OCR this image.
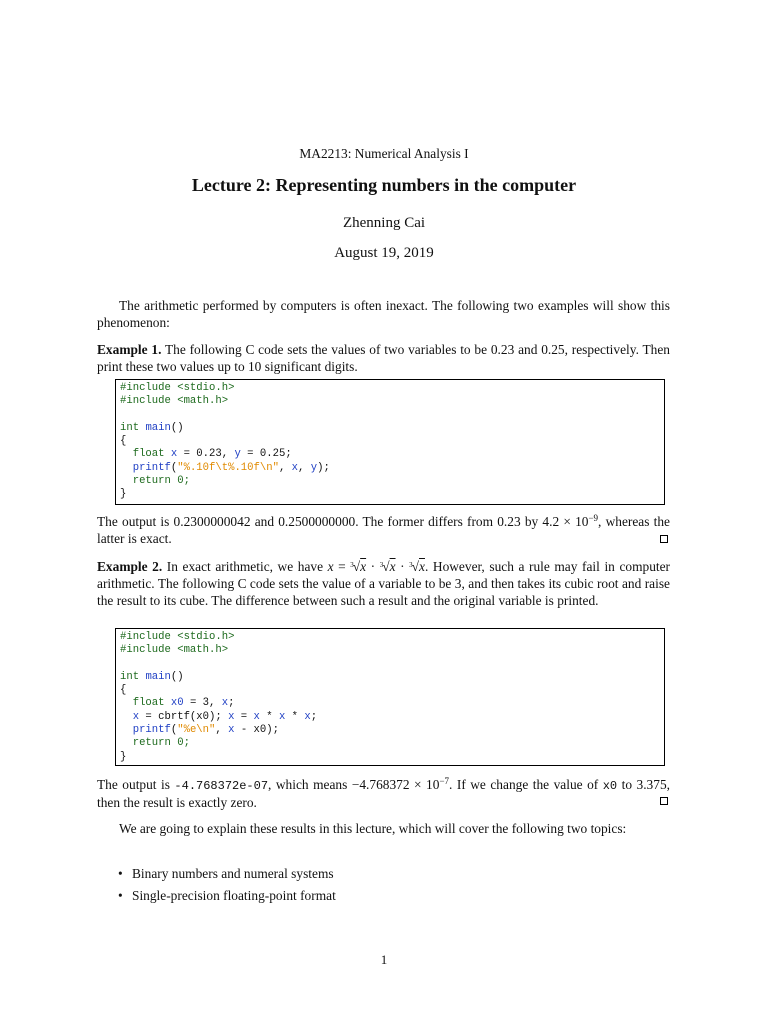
MA2213: Numerical Analysis I
Lecture 2: Representing numbers in the computer
Zhenning Cai
August 19, 2019
The arithmetic performed by computers is often inexact. The following two examples will show this phenomenon:
Example 1. The following C code sets the values of two variables to be 0.23 and 0.25, respectively. Then print these two values up to 10 significant digits.
#include <stdio.h>
#include <math.h>
int main()
{
float x = 0.23, y = 0.25;
printf("%.10f\t%.10f\n", x, y);
return 0;
}
The output is 0.2300000042 and 0.2500000000. The former differs from 0.23 by $4.2 \times 10^{-9}$, whereas the latter is exact.
Example 2. In exact arithmetic, we have x = $^3$√x · $^3$√x · $^3$√x. However, such a rule may fail in computer arithmetic. The following C code sets the value of a variable to be 3, and then takes its cubic root and raise the result to its cube. The difference between such a result and the original variable is printed.
#include <stdio.h>
#include <math.h>
int main()
{
float x0 = 3, x;
x = cbrtf(x0); x = x * x * x;
printf("%e\n", x - x0);
return 0;
}
The output is -4.768372e-07, which means $-4.768372 \times 10^{-7}$. If we change the value of x0 to 3.375, then the result is exactly zero.
We are going to explain these results in this lecture, which will cover the following two topics:
• Binary numbers and numeral systems
• Single-precision floating-point format
1
